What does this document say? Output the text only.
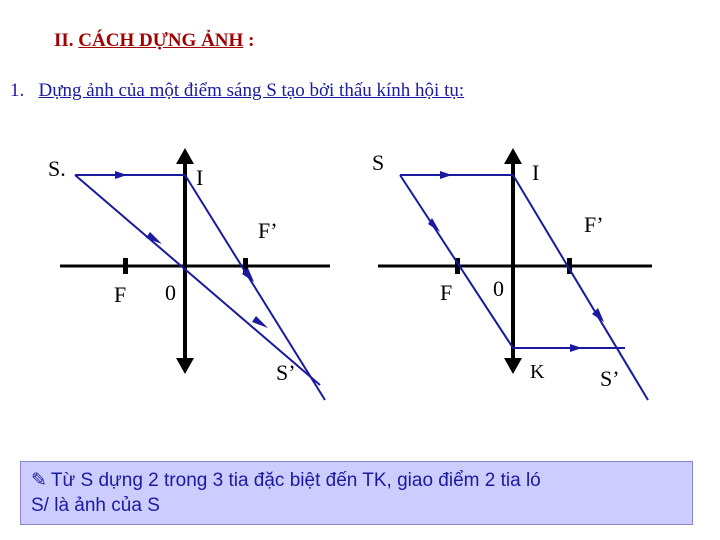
II. CÁCH DỰNG ẢNH :
1. Dựng ảnh của một điểm sáng S tạo bởi thấu kính hội tụ:
S.	I
F’
F 0
S’
S	I
F’
F 0
K	S’
✎ Từ S dựng 2 trong 3 tia đặc biệt đến TK, giao điểm 2 tia ló
S/ là ảnh của S
